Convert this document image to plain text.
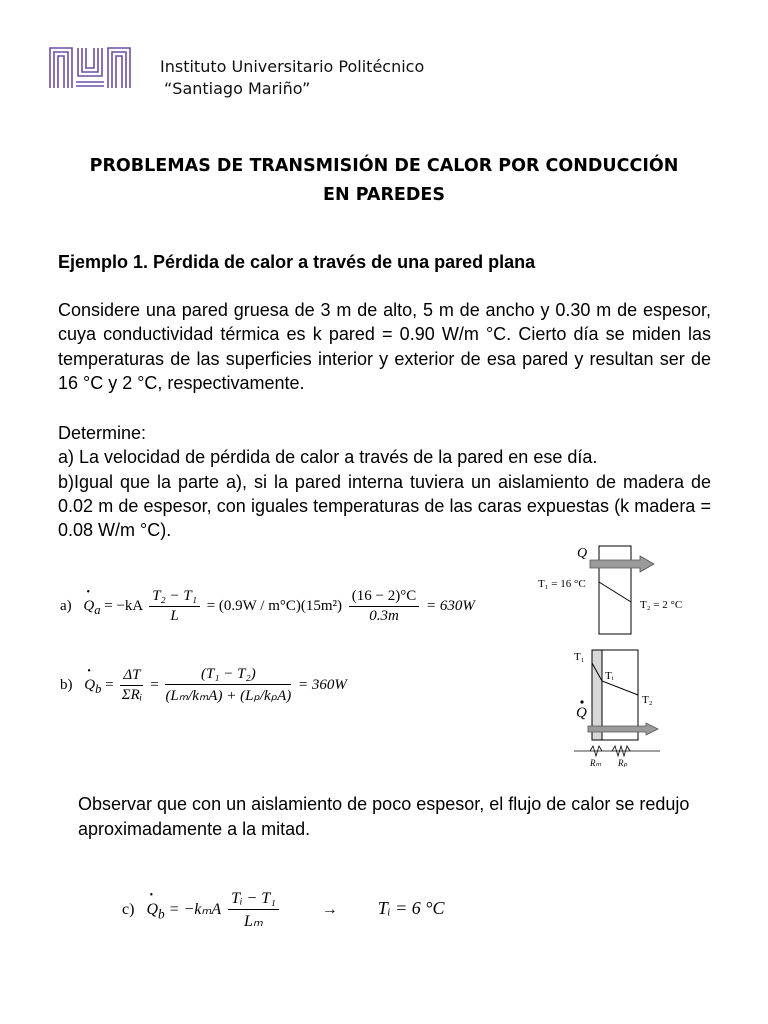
Instituto Universitario Politécnico
“Santiago Mariño”
PROBLEMAS DE TRANSMISIÓN DE CALOR POR CONDUCCIÓN
EN PAREDES
Ejemplo 1. Pérdida de calor a través de una pared plana
Considere una pared gruesa de 3 m de alto, 5 m de ancho y 0.30 m de espesor, cuya conductividad térmica es k pared = 0.90 W/m °C. Cierto día se miden las temperaturas de las superficies interior y exterior de esa pared y resultan ser de 16 °C y 2 °C, respectivamente.

Determine:

a) La velocidad de pérdida de calor a través de la pared en ese día.

b)Igual que la parte a), si la pared interna tuviera un aislamiento de madera de 0.02 m de espesor, con iguales temperaturas de las caras expuestas (k madera = 0.08 W/m °C).

a) • $Q_a = -kA \frac{\text{T₂ − T₁}}{L} = (0.9W / m^\circ C)(15m^2) \frac{(16 - 2)^\circ C}{0.3m} = 630W$
b) • $Q_b = \frac{\Delta T}{\text{ΣRᵢ}} = \frac{\text{(T₁ − T₂)}}{\text{(Lₘ/kₘA) + (Lₚ/kₚA)}} = 360W$
Q
T₁ = 16 °C
T₂ = 2 °C
T₁
Tᵢ
T₂
Q
Rₘ Rₚ
Observar que con un aislamiento de poco espesor, el flujo de calor se redujo aproximadamente a la mitad.
c) • $Q_b = -k_mA \frac{\text{Tᵢ − T₁}}{\text{Lₘ}}$	→ Tᵢ = 6 °C
